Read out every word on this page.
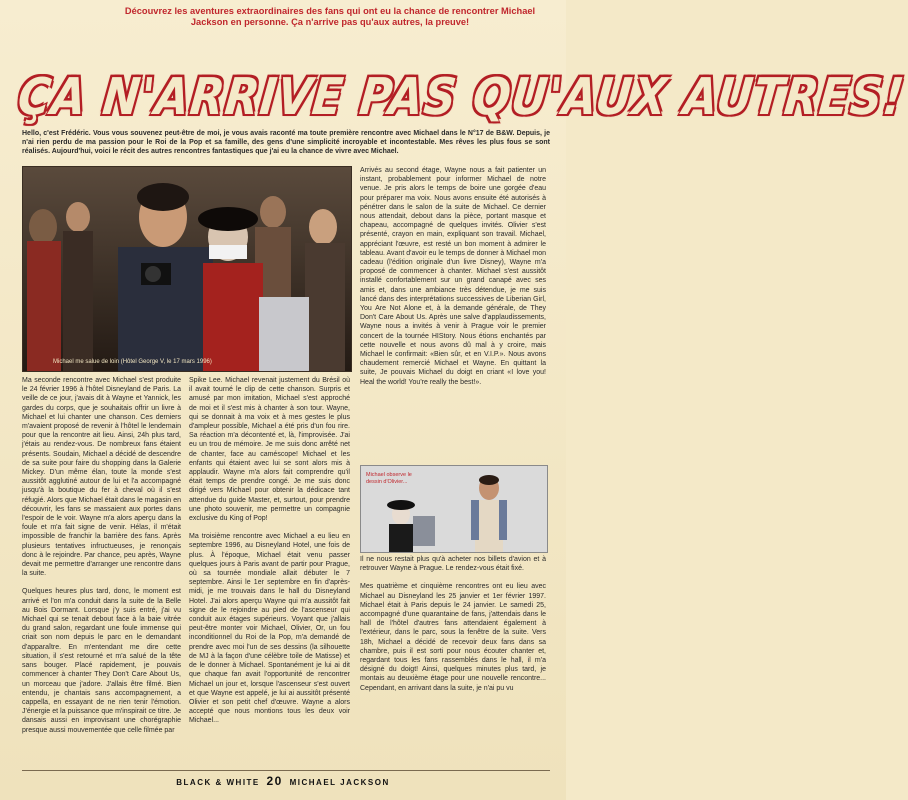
Découvrez les aventures extraordinaires des fans qui ont eu la chance de rencontrer Michael Jackson en personne. Ça n'arrive pas qu'aux autres, la preuve!
ÇA N'ARRIVE PAS QU'AUX AUTRES!
Hello, c'est Frédéric. Vous vous souvenez peut-être de moi, je vous avais raconté ma toute première rencontre avec Michael dans le N°17 de B&W. Depuis, je n'ai rien perdu de ma passion pour le Roi de la Pop et sa famille, des gens d'une simplicité incroyable et incontestable. Mes rêves les plus fous se sont réalisés. Aujourd'hui, voici le récit des autres rencontres fantastiques que j'ai eu la chance de vivre avec Michael.
Michael me salue de loin (Hôtel George V, le 17 mars 1996)

Ma seconde rencontre avec Michael s'est produite le 24 février 1996 à l'hôtel Disneyland de Paris. La veille de ce jour, j'avais dit à Wayne et Yannick, les gardes du corps, que je souhaitais offrir un livre à Michael et lui chanter une chanson. Ces derniers m'avaient proposé de revenir à l'hôtel le lendemain pour que la rencontre ait lieu. Ainsi, 24h plus tard, j'étais au rendez-vous. De nombreux fans étaient présents. Soudain, Michael a décidé de descendre de sa suite pour faire du shopping dans la Galerie Mickey. D'un même élan, toute la monde s'est aussitôt agglutiné autour de lui et l'a accompagné jusqu'à la boutique du fer à cheval où il s'est réfugié. Alors que Michael était dans le magasin en découvrir, les fans se massaient aux portes dans l'espoir de le voir. Wayne m'a alors aperçu dans la foule et m'a fait signe de venir. Hélas, il m'était impossible de franchir la barrière des fans. Après plusieurs tentatives infructueuses, je renonçais donc à le rejoindre. Par chance, peu après, Wayne devait me permettre d'arranger une rencontre dans la suite.

Quelques heures plus tard, donc, le moment est arrivé et l'on m'a conduit dans la suite de la Belle au Bois Dormant. Lorsque j'y suis entré, j'ai vu Michael qui se tenait debout face à la baie vitrée du grand salon, regardant une foule immense qui criait son nom depuis le parc en le demandant d'apparaître. En m'entendant me dire cette situation, il s'est retourné et m'a salué de la tête sans bouger. Placé rapidement, je pouvais commencer à chanter They Don't Care About Us, un morceau que j'adore. J'allais être filmé. Bien entendu, je chantais sans accompagnement, a cappella, en essayant de ne rien tenir l'émotion. J'énergie et la puissance que m'inspirait ce titre. Je dansais aussi en improvisant une chorégraphie presque aussi mouvementée que celle filmée par

Spike Lee. Michael revenait justement du Brésil où il avait tourné le clip de cette chanson. Surpris et amusé par mon imitation, Michael s'est approché de moi et il s'est mis à chanter à son tour. Wayne, qui se donnait à ma voix et à mes gestes le plus d'ampleur possible, Michael a été pris d'un fou rire. Sa réaction m'a décontenté et, là, l'improvisée. J'ai eu un trou de mémoire. Je me suis donc arrêté net de chanter, face au caméscope! Michael et les enfants qui étaient avec lui se sont alors mis à applaudir. Wayne m'a alors fait comprendre qu'il était temps de prendre congé. Je me suis donc dirigé vers Michael pour obtenir la dédicace tant attendue du guide Master, et, surtout, pour prendre une photo souvenir, me permettre un compagnie exclusive du King of Pop!

Ma troisième rencontre avec Michael a eu lieu en septembre 1996, au Disneyland Hotel, une fois de plus. À l'époque, Michael était venu passer quelques jours à Paris avant de partir pour Prague, où sa tournée mondiale allait débuter le 7 septembre. Ainsi le 1er septembre en fin d'après-midi, je me trouvais dans le hall du Disneyland Hotel. J'ai alors aperçu Wayne qui m'a aussitôt fait signe de le rejoindre au pied de l'ascenseur qui conduit aux étages supérieurs. Voyant que j'allais peut-être monter voir Michael, Olivier, Or, un fou inconditionnel du Roi de la Pop, m'a demandé de prendre avec moi l'un de ses dessins (la silhouette de MJ à la façon d'une célèbre toile de Matisse) et de le donner à Michael. Spontanément je lui ai dit que chaque fan avait l'opportunité de rencontrer Michael un jour et, lorsque l'ascenseur s'est ouvert et que Wayne est appelé, je lui ai aussitôt présenté Olivier et son petit chef d'œuvre. Wayne a alors accepté que nous montions tous les deux voir Michael...

Arrivés au second étage, Wayne nous a fait patienter un instant, probablement pour informer Michael de notre venue. Je pris alors le temps de boire une gorgée d'eau pour préparer ma voix. Nous avons ensuite été autorisés à pénétrer dans le salon de la suite de Michael. Ce dernier nous attendait, debout dans la pièce, portant masque et chapeau, accompagné de quelques invités. Olivier s'est présenté, crayon en main, expliquant son travail. Michael, appréciant l'œuvre, est resté un bon moment à admirer le tableau. Avant d'avoir eu le temps de donner à Michael mon cadeau (l'édition originale d'un livre Disney), Wayne m'a proposé de commencer à chanter. Michael s'est aussitôt installé confortablement sur un grand canapé avec ses amis et, dans une ambiance très détendue, je me suis lancé dans des interprétations successives de Liberian Girl, You Are Not Alone et, à la demande générale, de They Don't Care About Us. Après une salve d'applaudissements, Wayne nous a invités à venir à Prague voir le premier concert de la tournée HIStory. Nous étions enchantés par cette nouvelle et nous avons dû mal à y croire, mais Michael le confirmait: «Bien sûr, et en V.I.P.». Nous avons chaudement remercié Michael et Wayne. En quittant la suite, Je pouvais Michael du doigt en criant «I love you! Heal the world! You're really the best!».

Michael observe le dessin d'Olivier...

Il ne nous restait plus qu'à acheter nos billets d'avion et à retrouver Wayne à Prague. Le rendez-vous était fixé.

Mes quatrième et cinquième rencontres ont eu lieu avec Michael au Disneyland les 25 janvier et 1er février 1997. Michael était à Paris depuis le 24 janvier. Le samedi 25, accompagné d'une quarantaine de fans, j'attendais dans le hall de l'hôtel d'autres fans attendaient également à l'extérieur, dans le parc, sous la fenêtre de la suite. Vers 18h, Michael a décidé de recevoir deux fans dans sa chambre, puis il est sorti pour nous écouter chanter et, regardant tous les fans rassemblés dans le hall, il m'a désigné du doigt! Ainsi, quelques minutes plus tard, je montais au deuxième étage pour une nouvelle rencontre... Cependant, en arrivant dans la suite, je n'ai pu vu

BLACK & WHITE 20 MICHAEL JACKSON
